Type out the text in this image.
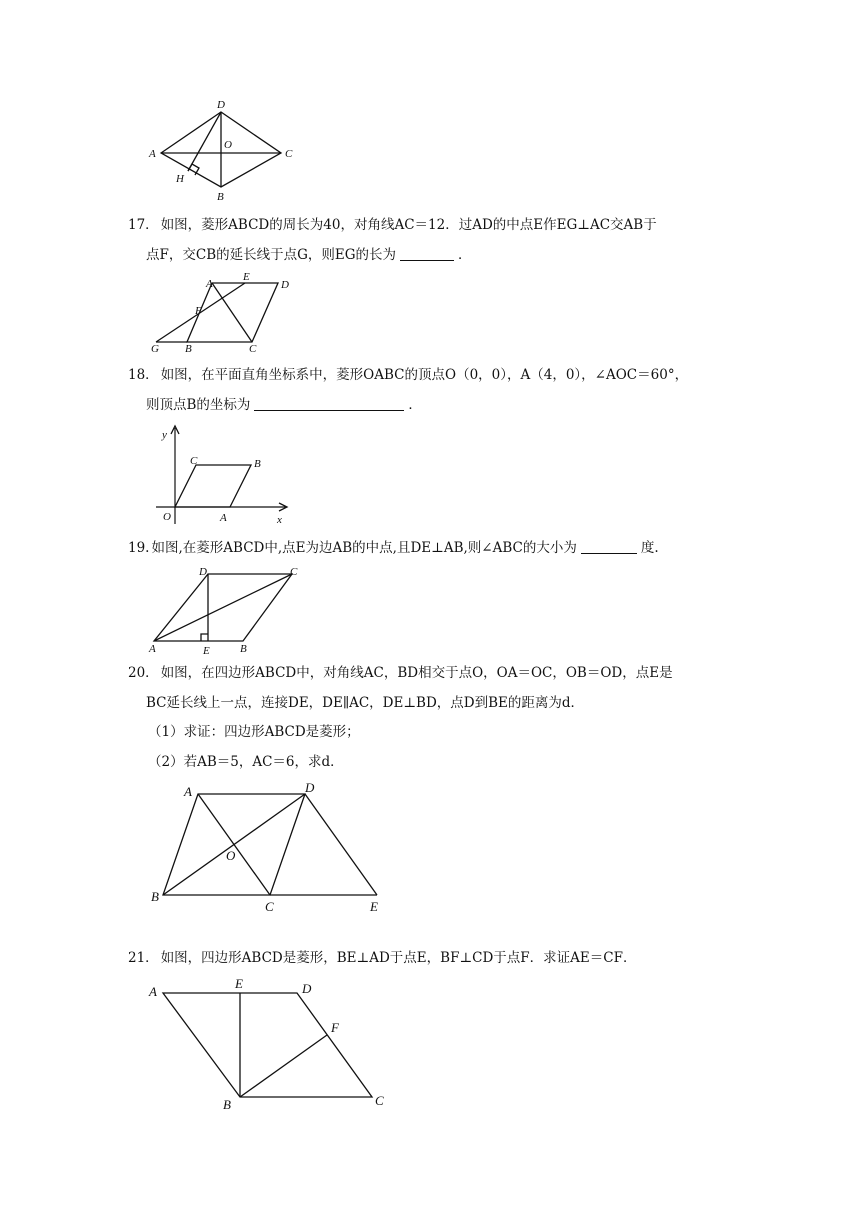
A
D
C
B
O
H
17． 如图，菱形ABCD的周长为40，对角线AC＝12．过AD的中点E作EG⊥AC交AB于
点F，交CB的延长线于点G，则EG的长为	．
A
E
D
F
G B	C
18． 如图，在平面直角坐标系中，菱形OABC的顶点O（0，0），A（4，0），∠AOC＝60°，
则顶点B的坐标为	．
y
x
O	A
B
C
19. 如图,在菱形ABCD中,点E为边AB的中点,且DE⊥AB,则∠ABC的大小为	度.
A	B
C
D
E
20． 如图，在四边形ABCD中，对角线AC，BD相交于点O，OA＝OC，OB＝OD，点E是
BC延长线上一点，连接DE，DE∥AC，DE⊥BD，点D到BE的距离为d．
（1）求证：四边形ABCD是菱形；
（2）若AB＝5，AC＝6，求d．
A	D
B
C	E
O
21． 如图，四边形ABCD是菱形，BE⊥AD于点E，BF⊥CD于点F．求证AE＝CF．
A
E	D
F
B	C
